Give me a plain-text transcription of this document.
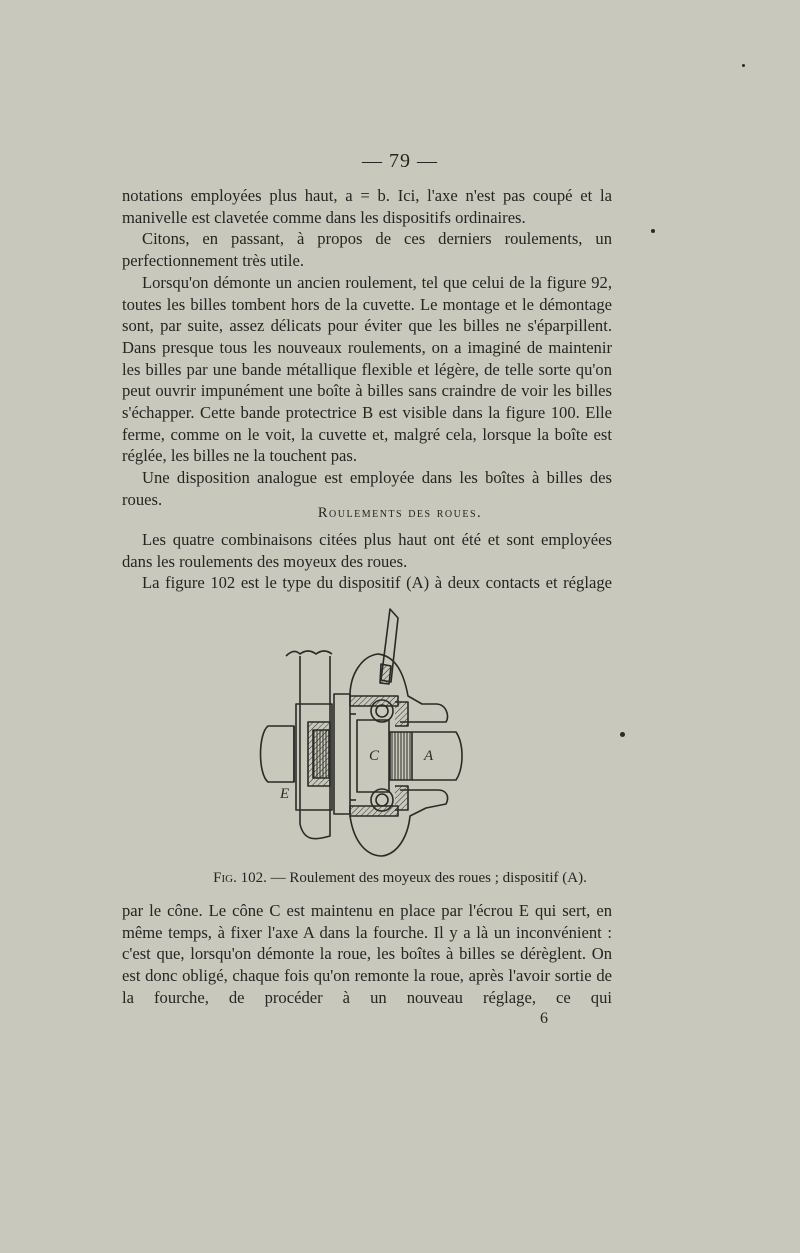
— 79 —

notations employées plus haut, a = b. Ici, l'axe n'est pas coupé et la manivelle est clavetée comme dans les dispositifs ordinaires.

Citons, en passant, à propos de ces derniers roulements, un perfectionnement très utile.

Lorsqu'on démonte un ancien roulement, tel que celui de la figure 92, toutes les billes tombent hors de la cuvette. Le montage et le démontage sont, par suite, assez délicats pour éviter que les billes ne s'éparpillent. Dans presque tous les nouveaux roulements, on a imaginé de maintenir les billes par une bande métallique flexible et légère, de telle sorte qu'on peut ouvrir impunément une boîte à billes sans craindre de voir les billes s'échapper. Cette bande protectrice B est visible dans la figure 100. Elle ferme, comme on le voit, la cuvette et, malgré cela, lorsque la boîte est réglée, les billes ne la touchent pas.

Une disposition analogue est employée dans les boîtes à billes des roues.

Roulements des roues.

Les quatre combinaisons citées plus haut ont été et sont employées dans les roulements des moyeux des roues.

La figure 102 est le type du dispositif (A) à deux contacts et réglage

C	A
E
Fig. 102. — Roulement des moyeux des roues ; dispositif (A).

par le cône. Le cône C est maintenu en place par l'écrou E qui sert, en même temps, à fixer l'axe A dans la fourche. Il y a là un inconvénient : c'est que, lorsqu'on démonte la roue, les boîtes à billes se dérèglent. On est donc obligé, chaque fois qu'on remonte la roue, après l'avoir sortie de la fourche, de procéder à un nouveau réglage, ce qui

6
